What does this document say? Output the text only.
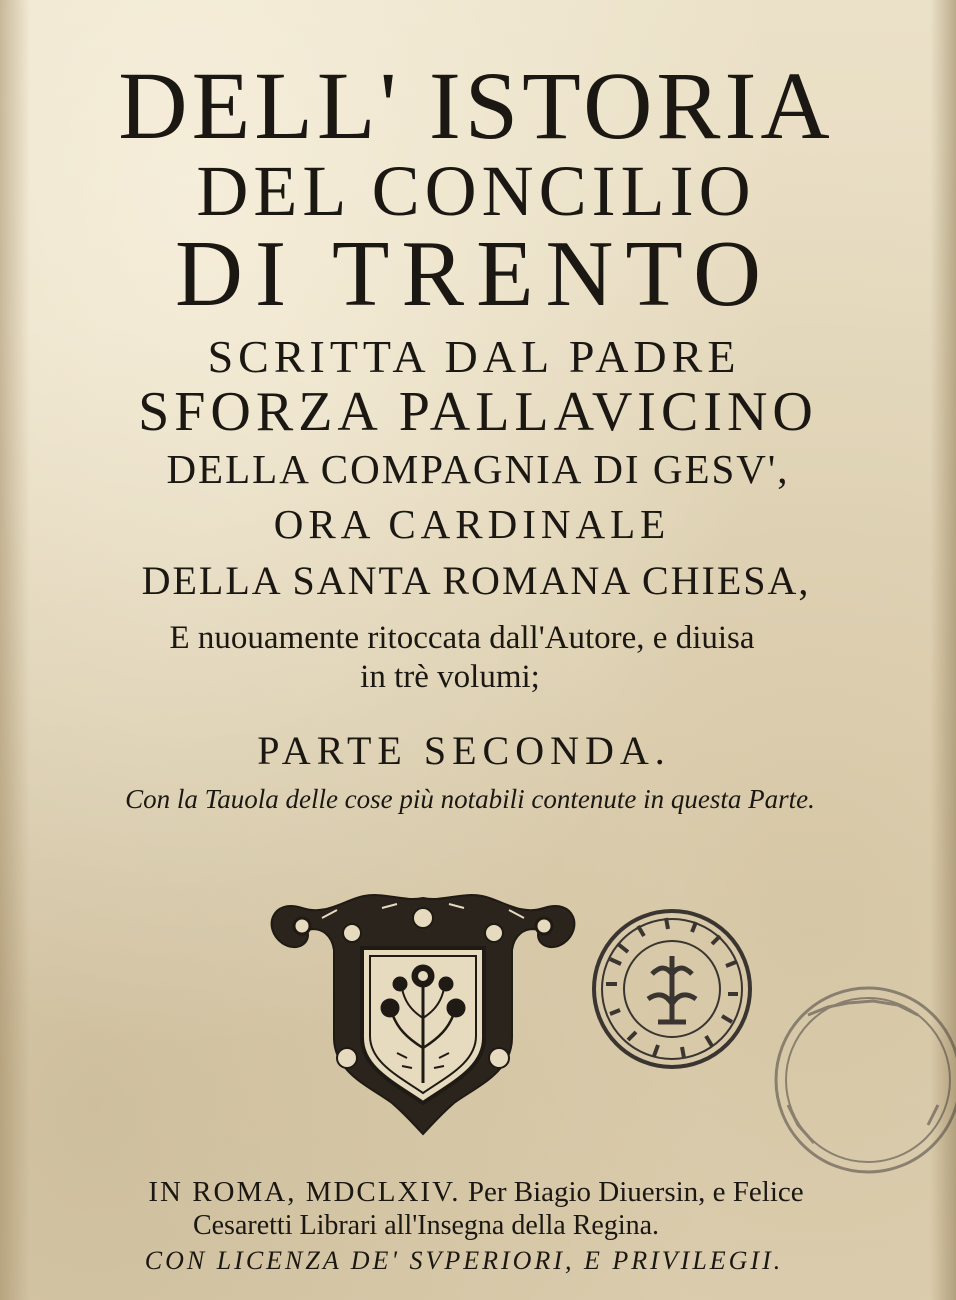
DELL' ISTORIA
DEL CONCILIO
DI TRENTO
SCRITTA DAL PADRE
SFORZA PALLAVICINO
DELLA COMPAGNIA DI GESV',
ORA CARDINALE
DELLA SANTA ROMANA CHIESA,
E nuouamente ritoccata dall'Autore, e diuisa
in trè volumi;
PARTE SECONDA.
Con la Tauola delle cose più notabili contenute in questa Parte.
IN ROMA, MDCLXIV. Per Biagio Diuersin, e Felice
Cesaretti Librari all'Insegna della Regina.
CON LICENZA DE' SVPERIORI, E PRIVILEGII.
